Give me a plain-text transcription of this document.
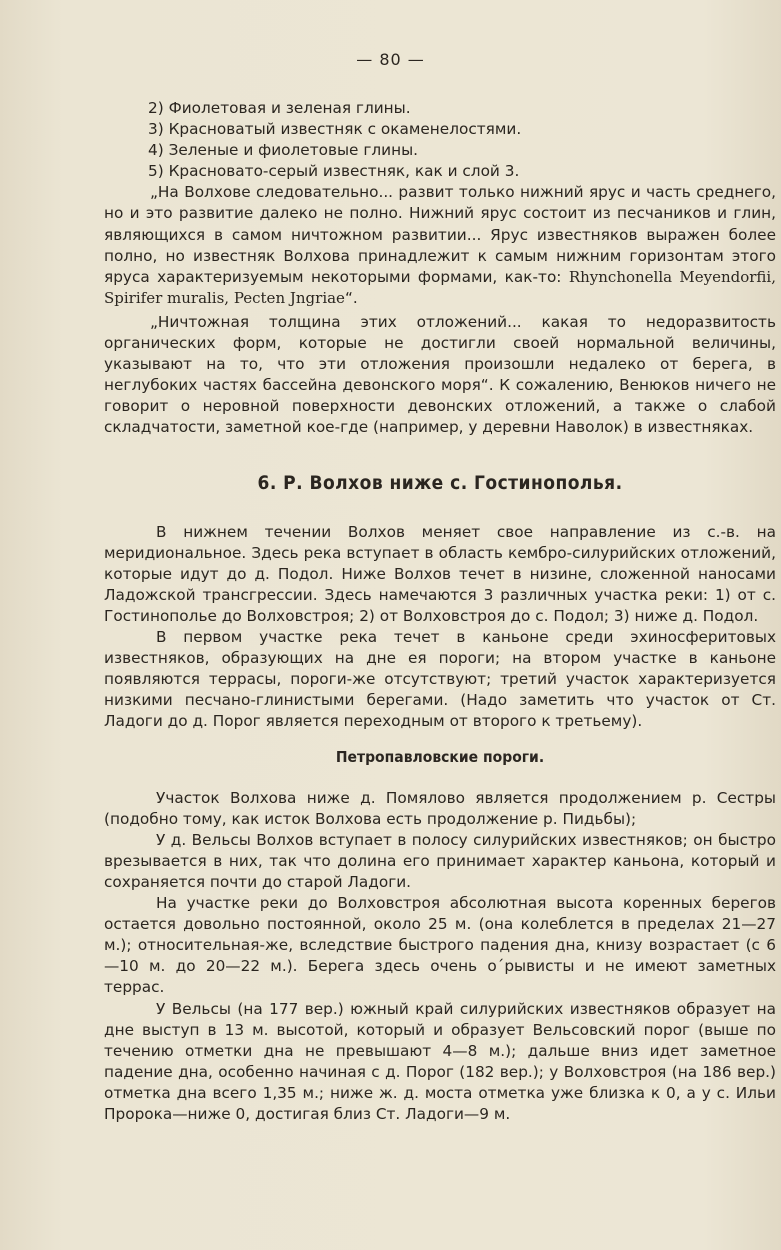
— 80 —

2) Фиолетовая и зеленая глины.

3) Красноватый известняк с окаменелостями.

4) Зеленые и фиолетовые глины.

5) Красновато-серый известняк, как и слой 3.

„На Волхове следовательно... развит только нижний ярус и часть среднего, но и это развитие далеко не полно. Нижний ярус состоит из песчаников и глин, являющихся в самом ничтожном развитии... Ярус известняков выражен более полно, но известняк Волхова принадлежит к самым нижним горизонтам этого яруса характеризуемым некоторыми формами, как-то: Rhynchonella Meyendorfii, Spirifer muralis, Pecten Jngriae“.

„Ничтожная толщина этих отложений... какая то недоразвитость органических форм, которые не достигли своей нормальной величины, указывают на то, что эти отложения произошли недалеко от берега, в неглубоких частях бассейна девонского моря“. К сожалению, Венюков ничего не говорит о неровной поверхности девонских отложений, а также о слабой складчатости, заметной кое-где (например, у деревни Наволок) в известняках.

6. Р. Волхов ниже с. Гостинополья.

В нижнем течении Волхов меняет свое направление из с.-в. на меридиональное. Здесь река вступает в область кембро-силурийских отложений, которые идут до д. Подол. Ниже Волхов течет в низине, сложенной наносами Ладожской трансгрессии. Здесь намечаются 3 различных участка реки: 1) от с. Гостинополье до Волховстроя; 2) от Волховстроя до с. Подол; 3) ниже д. Подол.

В первом участке река течет в каньоне среди эхиносферитовых известняков, образующих на дне ея пороги; на втором участке в каньоне появляются террасы, пороги-же отсутствуют; третий участок характеризуется низкими песчано-глинистыми берегами. (Надо заметить что участок от Ст. Ладоги до д. Порог является переходным от второго к третьему).

Петропавловские пороги.

Участок Волхова ниже д. Помялово является продолжением р. Сестры (подобно тому, как исток Волхова есть продолжение р. Пидьбы);

У д. Вельсы Волхов вступает в полосу силурийских известняков; он быстро врезывается в них, так что долина его принимает характер каньона, который и сохраняется почти до старой Ладоги.

На участке реки до Волховстроя абсолютная высота коренных берегов остается довольно постоянной, около 25 м. (она колеблется в пределах 21—27 м.); относительная-же, вследствие быстрого падения дна, книзу возрастает (с 6—10 м. до 20—22 м.). Берега здесь очень о´рывисты и не имеют заметных террас.

У Вельсы (на 177 вер.) южный край силурийских известняков образует на дне выступ в 13 м. высотой, который и образует Вельсовский порог (выше по течению отметки дна не превышают 4—8 м.); дальше вниз идет заметное падение дна, особенно начиная с д. Порог (182 вер.); у Волховстроя (на 186 вер.) отметка дна всего 1,35 м.; ниже ж. д. моста отметка уже близка к 0, а у с. Ильи Пророка—ниже 0, достигая близ Ст. Ладоги—9 м.
